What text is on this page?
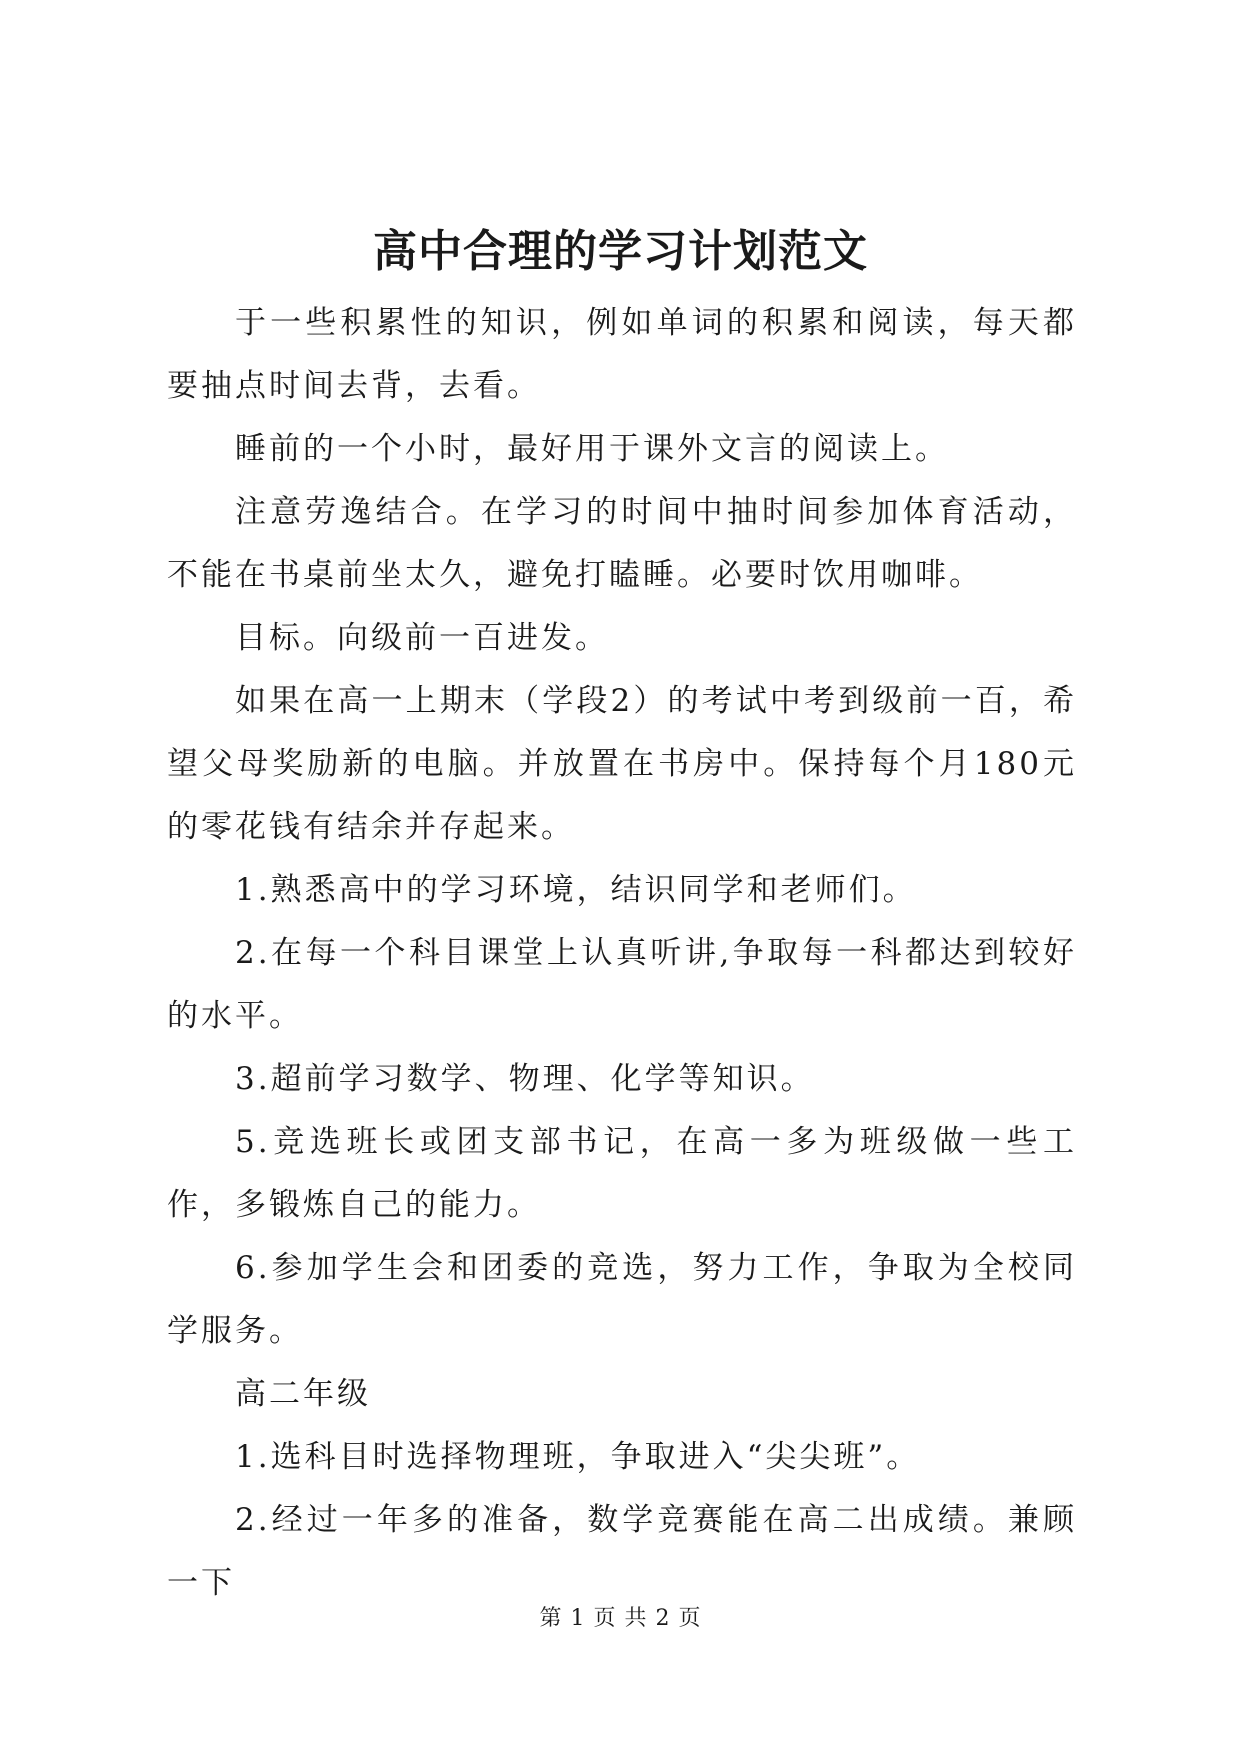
高中合理的学习计划范文

于一些积累性的知识，例如单词的积累和阅读，每天都要抽点时间去背，去看。

睡前的一个小时，最好用于课外文言的阅读上。

注意劳逸结合。在学习的时间中抽时间参加体育活动，不能在书桌前坐太久，避免打瞌睡。必要时饮用咖啡。

目标。向级前一百进发。

如果在高一上期末（学段2）的考试中考到级前一百，希望父母奖励新的电脑。并放置在书房中。保持每个月180元的零花钱有结余并存起来。

1.熟悉高中的学习环境，结识同学和老师们。

2.在每一个科目课堂上认真听讲,争取每一科都达到较好的水平。

3.超前学习数学、物理、化学等知识。

5.竞选班长或团支部书记，在高一多为班级做一些工作，多锻炼自己的能力。

6.参加学生会和团委的竞选，努力工作，争取为全校同学服务。

高二年级

1.选科目时选择物理班，争取进入“尖尖班”。

2.经过一年多的准备，数学竞赛能在高二出成绩。兼顾一下

第 1 页 共 2 页
